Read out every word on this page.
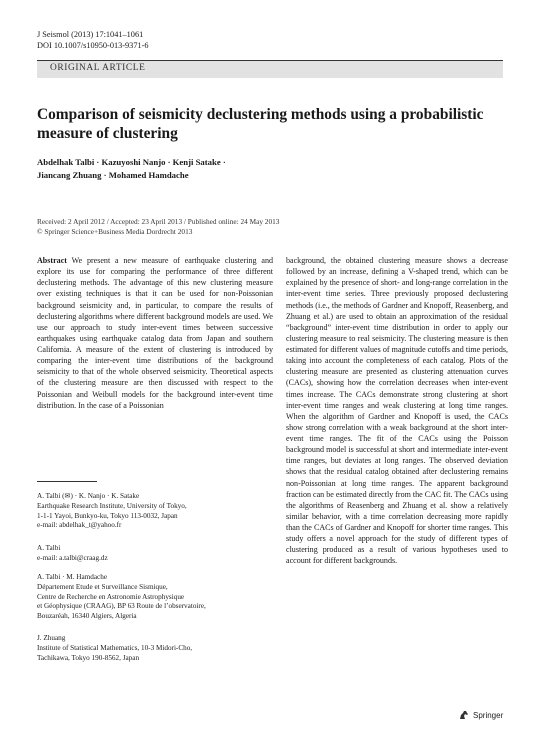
J Seismol (2013) 17:1041–1061
DOI 10.1007/s10950-013-9371-6
ORIGINAL ARTICLE
Comparison of seismicity declustering methods using a probabilistic measure of clustering
Abdelhak Talbi · Kazuyoshi Nanjo · Kenji Satake ·
Jiancang Zhuang · Mohamed Hamdache
Received: 2 April 2012 / Accepted: 23 April 2013 / Published online: 24 May 2013
© Springer Science+Business Media Dordrecht 2013

Abstract We present a new measure of earthquake clustering and explore its use for comparing the performance of three different declustering methods. The advantage of this new clustering measure over existing techniques is that it can be used for non-Poissonian background seismicity and, in particular, to compare the results of declustering algorithms where different background models are used. We use our approach to study inter-event times between successive earthquakes using earthquake catalog data from Japan and southern California. A measure of the extent of clustering is introduced by comparing the inter-event time distributions of the background seismicity to that of the whole observed seismicity. Theoretical aspects of the clustering measure are then discussed with respect to the Poissonian and Weibull models for the background inter-event time distribution. In the case of a Poissonian

background, the obtained clustering measure shows a decrease followed by an increase, defining a V-shaped trend, which can be explained by the presence of short- and long-range correlation in the inter-event time series. Three previously proposed declustering methods (i.e., the methods of Gardner and Knopoff, Reasenberg, and Zhuang et al.) are used to obtain an approximation of the residual “background” inter-event time distribution in order to apply our clustering measure to real seismicity. The clustering measure is then estimated for different values of magnitude cutoffs and time periods, taking into account the completeness of each catalog. Plots of the clustering measure are presented as clustering attenuation curves (CACs), showing how the correlation decreases when inter-event times increase. The CACs demonstrate strong clustering at short inter-event time ranges and weak clustering at long time ranges. When the algorithm of Gardner and Knopoff is used, the CACs show strong correlation with a weak background at the short inter-event time ranges. The fit of the CACs using the Poisson background model is successful at short and intermediate inter-event time ranges, but deviates at long ranges. The observed deviation shows that the residual catalog obtained after declustering remains non-Poissonian at long time ranges. The apparent background fraction can be estimated directly from the CAC fit. The CACs using the algorithms of Reasenberg and Zhuang et al. show a relatively similar behavior, with a time correlation decreasing more rapidly than the CACs of Gardner and Knopoff for shorter time ranges. This study offers a novel approach for the study of different types of clustering produced as a result of various hypotheses used to account for different backgrounds.

A. Talbi (✉) · K. Nanjo · K. Satake
Earthquake Research Institute, University of Tokyo,
1-1-1 Yayoi, Bunkyo-ku, Tokyo 113-0032, Japan
e-mail: abdelhak_t@yahoo.fr
A. Talbi
e-mail: a.talbi@craag.dz
A. Talbi · M. Hamdache
Département Etude et Surveillance Sismique,
Centre de Recherche en Astronomie Astrophysique
et Géophysique (CRAAG), BP 63 Route de l’observatoire,
Bouzaréah, 16340 Algiers, Algeria
J. Zhuang
Institute of Statistical Mathematics, 10-3 Midori-Cho,
Tachikawa, Tokyo 190-8562, Japan
Springer
